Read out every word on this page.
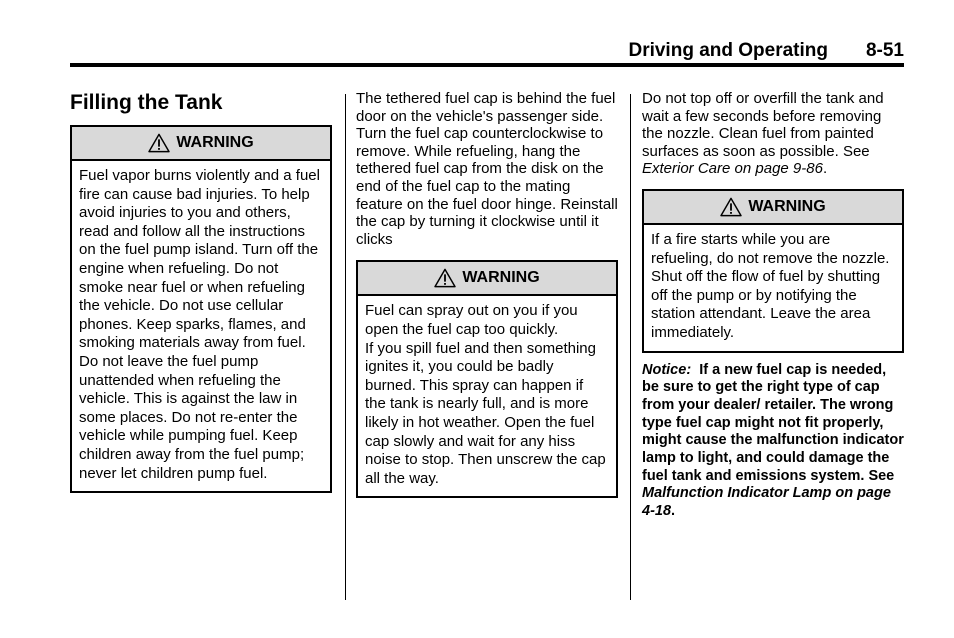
Driving and Operating 8-51
Filling the Tank
WARNING

Fuel vapor burns violently and a fuel fire can cause bad injuries. To help avoid injuries to you and others, read and follow all the instructions on the fuel pump island. Turn off the engine when refueling. Do not smoke near fuel or when refueling the vehicle. Do not use cellular phones. Keep sparks, flames, and smoking materials away from fuel. Do not leave the fuel pump unattended when refueling the vehicle. This is against the law in some places. Do not re-enter the vehicle while pumping fuel. Keep children away from the fuel pump; never let children pump fuel.

The tethered fuel cap is behind the fuel door on the vehicle's passenger side. Turn the fuel cap counterclockwise to remove. While refueling, hang the tethered fuel cap from the disk on the end of the fuel cap to the mating feature on the fuel door hinge. Reinstall the cap by turning it clockwise until it clicks

WARNING

Fuel can spray out on you if you open the fuel cap too quickly.

If you spill fuel and then something ignites it, you could be badly burned. This spray can happen if the tank is nearly full, and is more likely in hot weather. Open the fuel cap slowly and wait for any hiss noise to stop. Then unscrew the cap all the way.

Do not top off or overfill the tank and wait a few seconds before removing the nozzle. Clean fuel from painted surfaces as soon as possible. See Exterior Care on page 9-86.

WARNING

If a fire starts while you are refueling, do not remove the nozzle. Shut off the flow of fuel by shutting off the pump or by notifying the station attendant. Leave the area immediately.

Notice: If a new fuel cap is needed, be sure to get the right type of cap from your dealer/ retailer. The wrong type fuel cap might not fit properly, might cause the malfunction indicator lamp to light, and could damage the fuel tank and emissions system. See Malfunction Indicator Lamp on page 4-18.
